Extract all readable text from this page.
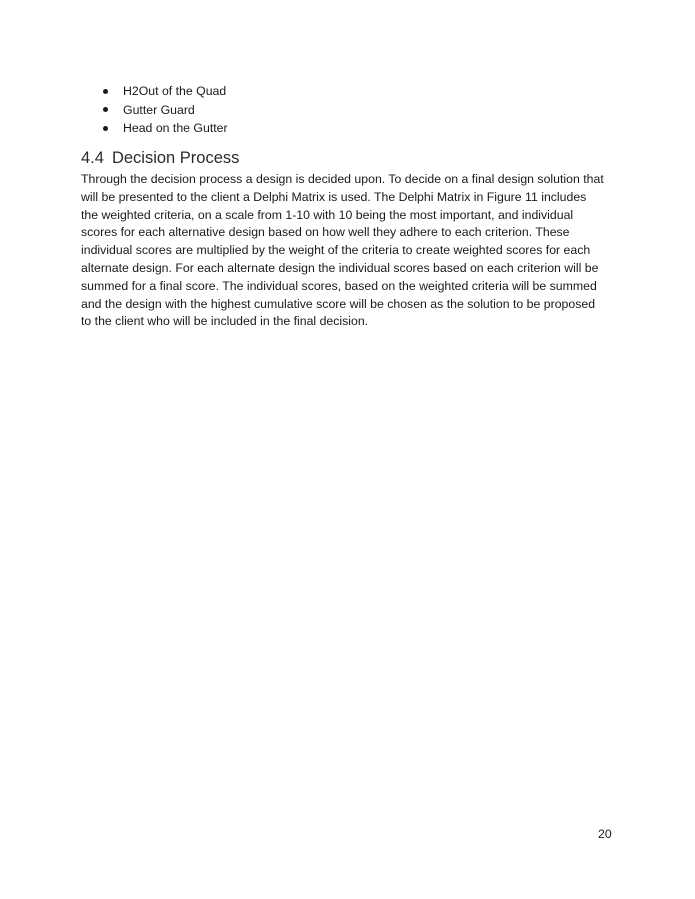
H2Out of the Quad
Gutter Guard
Head on the Gutter
4.4 Decision Process

Through the decision process a design is decided upon. To decide on a final design solution that
will be presented to the client a Delphi Matrix is used. The Delphi Matrix in Figure 11 includes
the weighted criteria, on a scale from 1-10 with 10 being the most important, and individual
scores for each alternative design based on how well they adhere to each criterion. These
individual scores are multiplied by the weight of the criteria to create weighted scores for each
alternate design. For each alternate design the individual scores based on each criterion will be
summed for a final score. The individual scores, based on the weighted criteria will be summed
and the design with the highest cumulative score will be chosen as the solution to be proposed
to the client who will be included in the final decision.

20
